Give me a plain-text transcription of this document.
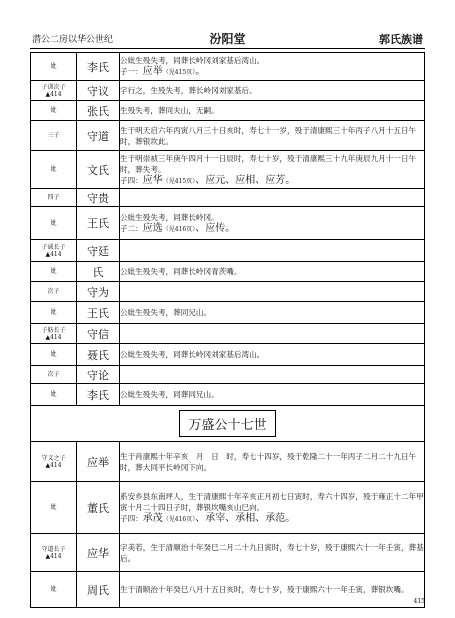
潜公二房以华公世纪	汾阳堂	郭氏族谱
妣	李氏	公妣生殁失考，同葬长岭冈刘家基后湾山。
子一：应举（见415页）。

子训次子
▲414	守议	字行之，生殁失考，葬长岭冈刘家基后。

妣	张氏	生殁失考，葬同夫山，无嗣。

三子	守道	生于明天启六年丙寅八月三十日亥时，寿七十一岁，殁于清康熙三十年丙子八月十五日午时，葬银坎此。

妣	文氏	生于明崇祯三年庚午四月十一日辰时，寿七十岁，殁于清康熙三十九年庚辰九月十一日午时，葬失考。
子四：应华（见415页）、应元、应相、应芳。

四子	守贵	
妣	王氏	公妣生殁失考，同葬长岭冈。
子二：应选（见416页）、应传。

子诚长子
▲414	守廷	
妣	氏	公妣生殁失考，同葬长岭冈青茨嘴。

次子	守为	
妣	王氏	公妣生殁失考，葬同兄山。

子舫长子
▲414	守信	
妣	聂氏	公妣生殁失考，同葬长岭冈刘家基后湾山。

次子	守论	
妣	李氏	公妣生殁失考，同葬同兄山。

万盛公十七世		
守义之子
▲414	应举	生于肖康熙十年辛亥　月　日　时，寿七十四岁，殁于乾隆二十一年丙子二月二十九日午时，葬大同平长岭冈下向。

妣	董氏	系安乡县东南坪人，生于清康熙十年辛亥正月初七日寅时，寿六十四岁，殁于雍正十二年甲寅十月二十四日子时，葬银坎嘴亥山巳向。
子四：承茂（见416页）、承宰、承相、承范。

守道长子
▲414	应华	字美若，生于清顺治十年癸巳二月二十九日寅时，寿七十岁，殁于康熙六十一年壬寅，葬基后。

妣	周氏	生于清顺治十年癸巳八月十五日亥时，寿七十岁，殁于康熙六十一年壬寅，葬银坎嘴。
415
